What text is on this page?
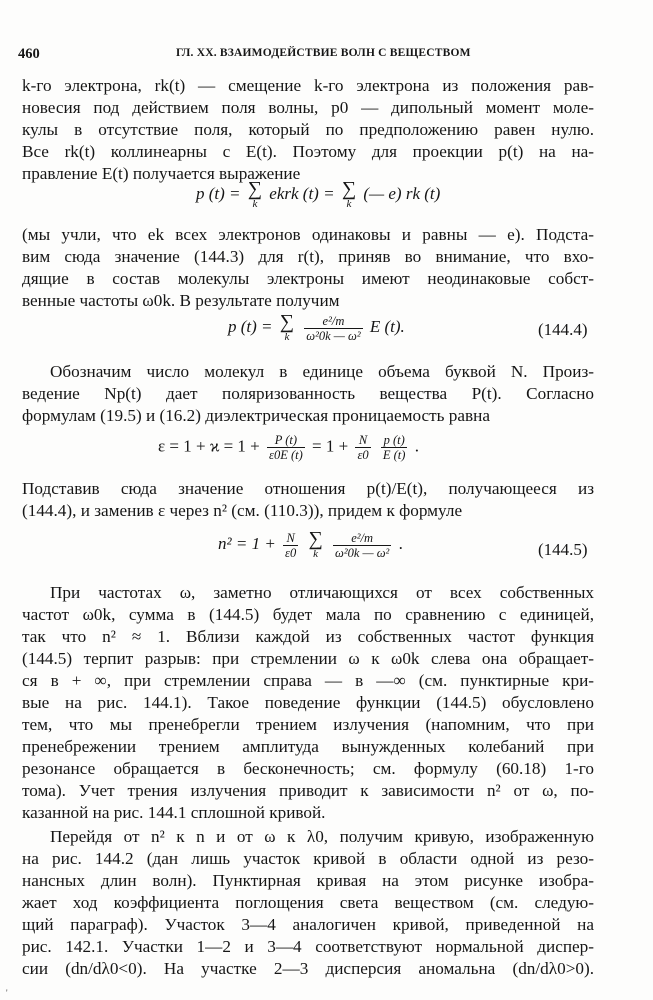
460	ГЛ. XX. ВЗАИМОДЕЙСТВИЕ ВОЛН С ВЕЩЕСТВОМ
k-го электрона, rk(t) — смещение k-го электрона из положения рав-
новесия под действием поля волны, p0 — дипольный момент моле-
кулы в отсутствие поля, который по предположению равен нулю.
Все rk(t) коллинеарны с E(t). Поэтому для проекции p(t) на на-
правление E(t) получается выражение
p (t) = ∑
k
ekrk (t) = ∑
k
(— e) rk (t)
(мы учли, что ek всех электронов одинаковы и равны — e). Подста-
вим сюда значение (144.3) для r(t), приняв во внимание, что вхо-
дящие в состав молекулы электроны имеют неодинаковые собст-
венные частоты ω0k. В результате получим
p (t) = ∑
k
	$\frac{\text{e²/m}}{\text{ω²0k — ω²}}$ E (t).	(144.4)
Обозначим число молекул в единице объема буквой N. Произ-
ведение Np(t) дает поляризованность вещества P(t). Согласно
формулам (19.5) и (16.2) диэлектрическая проницаемость равна
$\varepsilon = 1 + ϰ = 1 + \frac{P (t)}{\varepsilon 0E (t)} = 1 + \frac{N}{\varepsilon 0}$
$\frac{p (t)}{E (t)}$ .
Подставив сюда значение отношения p(t)/E(t), получающееся из
(144.4), и заменив ε через n² (см. (110.3)), придем к формуле
$n^2 = 1 + \frac{N}{\varepsilon 0}$
∑
k
	$\frac{\text{e²/m}}{\text{ω²0k — ω²}}$ .	(144.5)
При частотах ω, заметно отличающихся от всех собственных
частот ω0k, сумма в (144.5) будет мала по сравнению с единицей,
так что n² ≈ 1. Вблизи каждой из собственных частот функция
(144.5) терпит разрыв: при стремлении ω к ω0k слева она обращает-
ся в + ∞, при стремлении справа — в —∞ (см. пунктирные кри-
вые на рис. 144.1). Такое поведение функции (144.5) обусловлено
тем, что мы пренебрегли трением излучения (напомним, что при
пренебрежении трением амплитуда вынужденных колебаний при
резонансе обращается в бесконечность; см. формулу (60.18) 1-го
тома). Учет трения излучения приводит к зависимости n² от ω, по-
казанной на рис. 144.1 сплошной кривой.
Перейдя от n² к n и от ω к λ0, получим кривую, изображенную
на рис. 144.2 (дан лишь участок кривой в области одной из резо-
нансных длин волн). Пунктирная кривая на этом рисунке изобра-
жает ход коэффициента поглощения света веществом (см. следую-
щий параграф). Участок 3—4 аналогичен кривой, приведенной на
рис. 142.1. Участки 1—2 и 3—4 соответствуют нормальной диспер-
сии (dn/dλ0<0). На участке 2—3 дисперсия аномальна (dn/dλ0>0).
'
